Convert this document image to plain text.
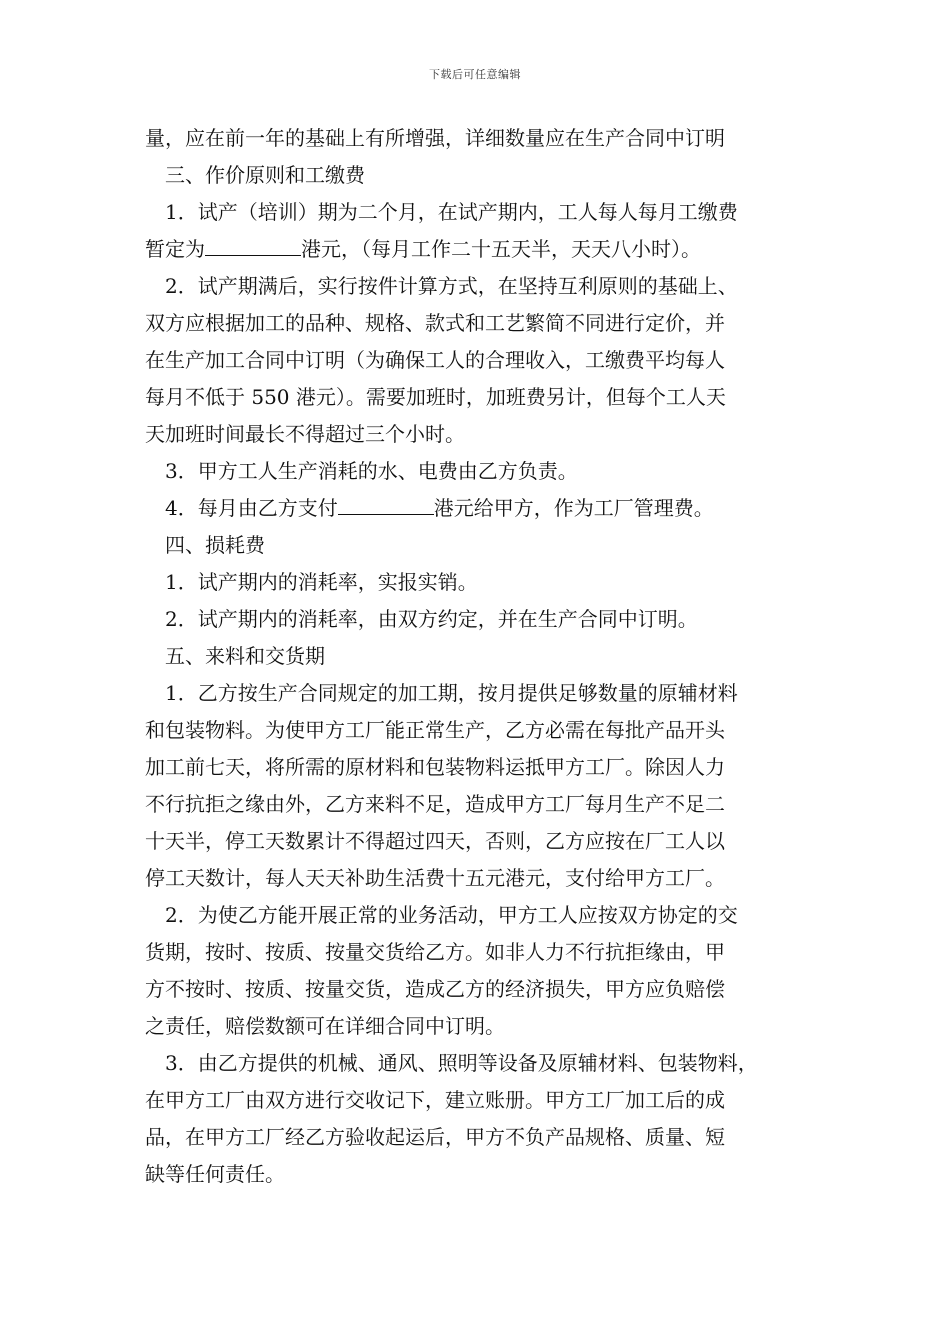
下载后可任意编辑
量，应在前一年的基础上有所增强，详细数量应在生产合同中订明
三、作价原则和工缴费
1．试产（培训）期为二个月，在试产期内，工人每人每月工缴费
暂定为	港元，（每月工作二十五天半，天天八小时）。
2．试产期满后，实行按件计算方式，在坚持互利原则的基础上、
双方应根据加工的品种、规格、款式和工艺繁简不同进行定价，并
在生产加工合同中订明（为确保工人的合理收入，工缴费平均每人
每月不低于 550 港元）。需要加班时，加班费另计，但每个工人天
天加班时间最长不得超过三个小时。
3．甲方工人生产消耗的水、电费由乙方负责。
4．每月由乙方支付	港元给甲方，作为工厂管理费。
四、损耗费
1．试产期内的消耗率，实报实销。
2．试产期内的消耗率，由双方约定，并在生产合同中订明。
五、来料和交货期
1．乙方按生产合同规定的加工期，按月提供足够数量的原辅材料
和包装物料。为使甲方工厂能正常生产，乙方必需在每批产品开头
加工前七天，将所需的原材料和包装物料运抵甲方工厂。除因人力
不行抗拒之缘由外，乙方来料不足，造成甲方工厂每月生产不足二
十天半，停工天数累计不得超过四天，否则，乙方应按在厂工人以
停工天数计，每人天天补助生活费十五元港元，支付给甲方工厂。
2．为使乙方能开展正常的业务活动，甲方工人应按双方协定的交
货期，按时、按质、按量交货给乙方。如非人力不行抗拒缘由，甲
方不按时、按质、按量交货，造成乙方的经济损失，甲方应负赔偿
之责任，赔偿数额可在详细合同中订明。
3．由乙方提供的机械、通风、照明等设备及原辅材料、包装物料，
在甲方工厂由双方进行交收记下，建立账册。甲方工厂加工后的成
品，在甲方工厂经乙方验收起运后，甲方不负产品规格、质量、短
缺等任何责任。
